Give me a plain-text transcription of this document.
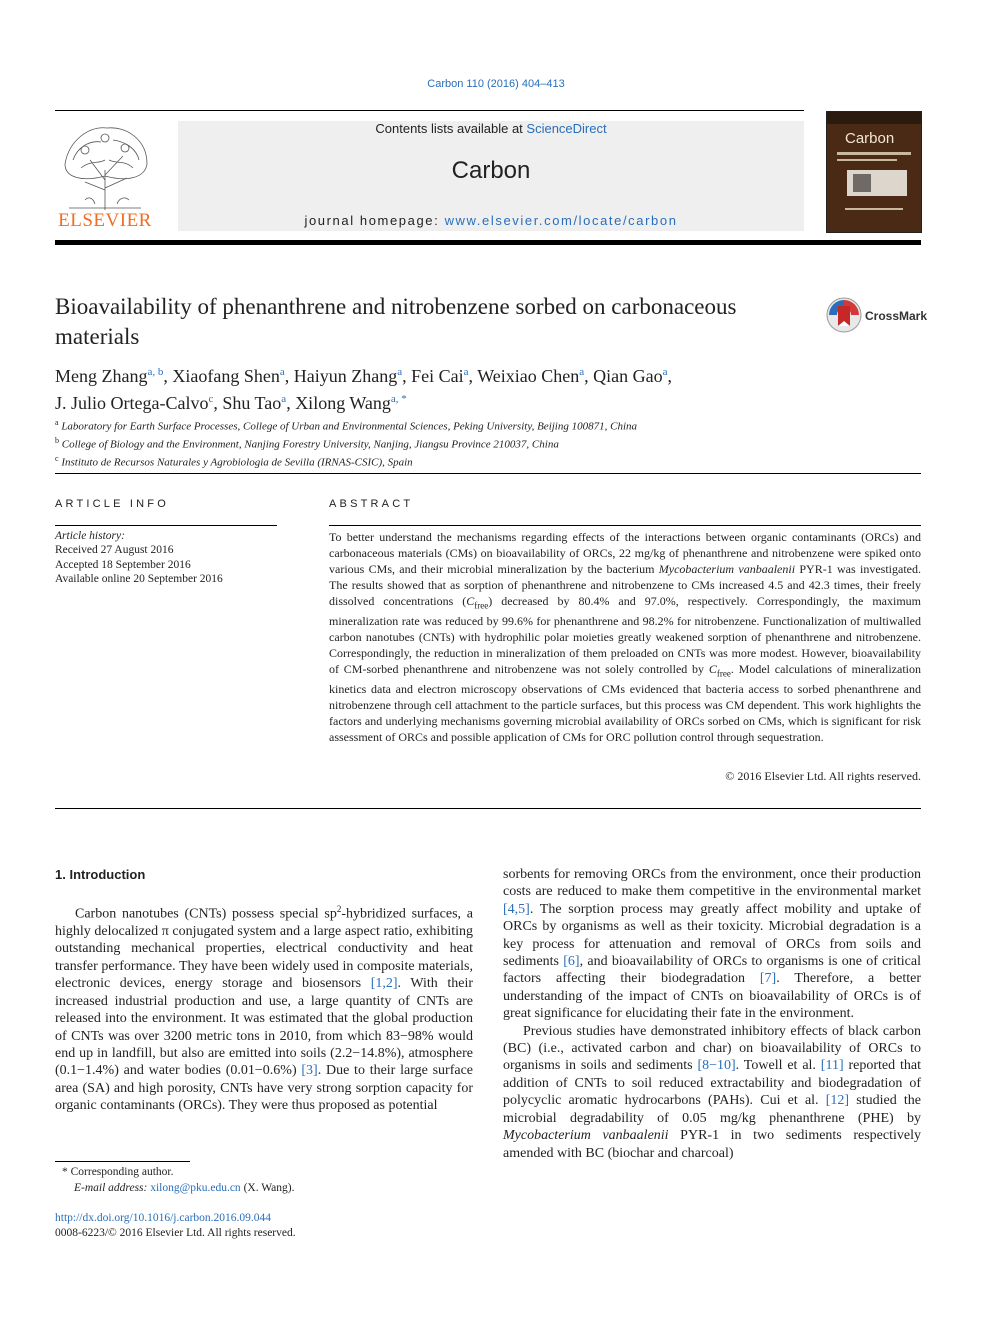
Carbon 110 (2016) 404–413
ELSEVIER
Contents lists available at ScienceDirect
Carbon
journal homepage: www.elsevier.com/locate/carbon
Carbon
Bioavailability of phenanthrene and nitrobenzene sorbed on carbonaceous materials
CrossMark
Meng Zhang$^{a, b}$, Xiaofang Shen$^a$, Haiyun Zhang$^a$, Fei Cai$^a$, Weixiao Chen$^a$, Qian Gao$^a$,
J. Julio Ortega-Calvo$^c$, Shu Tao$^a$, Xilong Wang$^{a, *}$
$^a$ Laboratory for Earth Surface Processes, College of Urban and Environmental Sciences, Peking University, Beijing 100871, China
$^b$ College of Biology and the Environment, Nanjing Forestry University, Nanjing, Jiangsu Province 210037, China
$^c$ Instituto de Recursos Naturales y Agrobiologia de Sevilla (IRNAS-CSIC), Spain
ARTICLE INFO
Article history:
Received 27 August 2016
Accepted 18 September 2016
Available online 20 September 2016
ABSTRACT
To better understand the mechanisms regarding effects of the interactions between organic contaminants (ORCs) and carbonaceous materials (CMs) on bioavailability of ORCs, 22 mg/kg of phenanthrene and nitrobenzene were spiked onto various CMs, and their microbial mineralization by the bacterium Mycobacterium vanbaalenii PYR-1 was investigated. The results showed that as sorption of phenanthrene and nitrobenzene to CMs increased 4.5 and 42.3 times, their freely dissolved concentrations $(C_{free})$ decreased by 80.4% and 97.0%, respectively. Correspondingly, the maximum mineralization rate was reduced by 99.6% for phenanthrene and 98.2% for nitrobenzene. Functionalization of multiwalled carbon nanotubes (CNTs) with hydrophilic polar moieties greatly weakened sorption of phenanthrene and nitrobenzene. Correspondingly, the reduction in mineralization of them preloaded on CNTs was more modest. However, bioavailability of CM-sorbed phenanthrene and nitrobenzene was not solely controlled by $C_{free}$. Model calculations of mineralization kinetics data and electron microscopy observations of CMs evidenced that bacteria access to sorbed phenanthrene and nitrobenzene through cell attachment to the particle surfaces, but this process was CM dependent. This work highlights the factors and underlying mechanisms governing microbial availability of ORCs sorbed on CMs, which is significant for risk assessment of ORCs and possible application of CMs for ORC pollution control through sequestration.
© 2016 Elsevier Ltd. All rights reserved.
1. Introduction

Carbon nanotubes (CNTs) possess special $sp^2$-hybridized surfaces, a highly delocalized π conjugated system and a large aspect ratio, exhibiting outstanding mechanical properties, electrical conductivity and heat transfer performance. They have been widely used in composite materials, electronic devices, energy storage and biosensors [1,2]. With their increased industrial production and use, a large quantity of CNTs are released into the environment. It was estimated that the global production of CNTs was over 3200 metric tons in 2010, from which 83−98% would end up in landfill, but also are emitted into soils (2.2−14.8%), atmosphere (0.1−1.4%) and water bodies (0.01−0.6%) [3]. Due to their large surface area (SA) and high porosity, CNTs have very strong sorption capacity for organic contaminants (ORCs). They were thus proposed as potential

sorbents for removing ORCs from the environment, once their production costs are reduced to make them competitive in the environmental market [4,5]. The sorption process may greatly affect mobility and uptake of ORCs by organisms as well as their toxicity. Microbial degradation is a key process for attenuation and removal of ORCs from soils and sediments [6], and bioavailability of ORCs to organisms is one of critical factors affecting their biodegradation [7]. Therefore, a better understanding of the impact of CNTs on bioavailability of ORCs is of great significance for elucidating their fate in the environment.

Previous studies have demonstrated inhibitory effects of black carbon (BC) (i.e., activated carbon and char) on bioavailability of ORCs to organisms in soils and sediments [8−10]. Towell et al. [11] reported that addition of CNTs to soil reduced extractability and biodegradation of polycyclic aromatic hydrocarbons (PAHs). Cui et al. [12] studied the microbial degradability of 0.05 mg/kg phenanthrene (PHE) by Mycobacterium vanbaalenii PYR-1 in two sediments respectively amended with BC (biochar and charcoal)

* Corresponding author.
E-mail address: xilong@pku.edu.cn (X. Wang).
http://dx.doi.org/10.1016/j.carbon.2016.09.044
0008-6223/© 2016 Elsevier Ltd. All rights reserved.
